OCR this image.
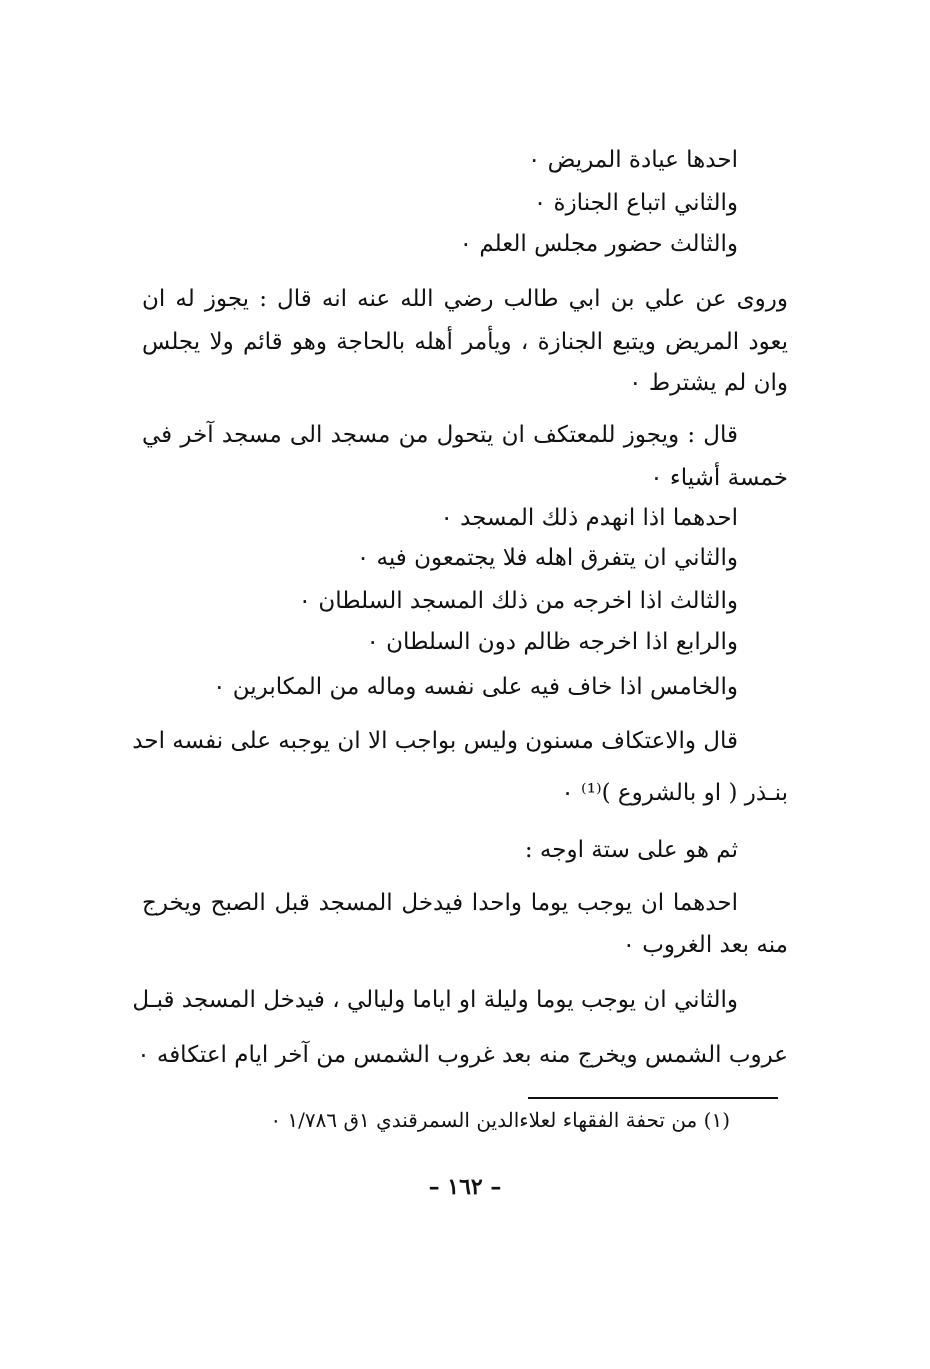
احدها عيادة المريض ٠
والثاني اتباع الجنازة ٠
والثالث حضور مجلس العلم ٠
وروى عن علي بن ابي طالب رضي الله عنه انه قال : يجوز له ان
يعود المريض ويتبع الجنازة ، ويأمر أهله بالحاجة وهو قائم ولا يجلس
وان لم يشترط ٠
قال : ويجوز للمعتكف ان يتحول من مسجد الى مسجد آخر في
خمسة أشياء ٠
احدهما اذا انهدم ذلك المسجد ٠
والثاني ان يتفرق اهله فلا يجتمعون فيه ٠
والثالث اذا اخرجه من ذلك المسجد السلطان ٠
والرابع اذا اخرجه ظالم دون السلطان ٠
والخامس اذا خاف فيه على نفسه وماله من المكابرين ٠
قال والاعتكاف مسنون وليس بواجب الا ان يوجبه على نفسه احد
بنـذر ( او بالشروع )⁽¹⁾ ٠
ثم هو على ستة اوجه :
احدهما ان يوجب يوما واحدا فيدخل المسجد قبل الصبح ويخرج
منه بعد الغروب ٠
والثاني ان يوجب يوما وليلة او اياما وليالي ، فيدخل المسجد قبـل
عروب الشمس ويخرج منه بعد غروب الشمس من آخر ايام اعتكافه ٠
(١) من تحفة الفقهاء لعلاءالدين السمرقندي ١ق ١/٧٨٦ ٠
– ١٦٢ –
